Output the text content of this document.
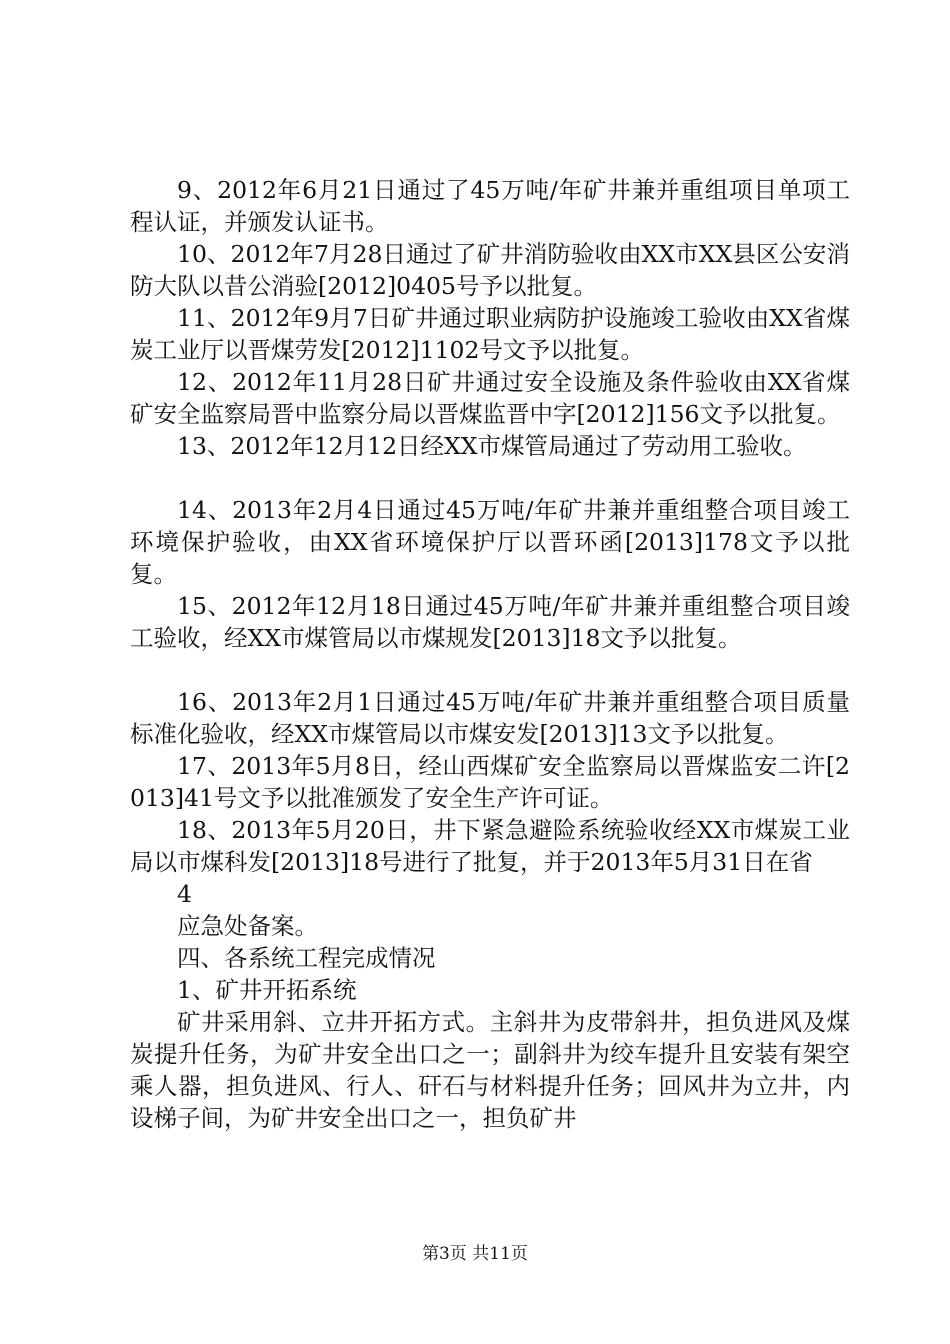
9、2012年6月21日通过了45万吨/年矿井兼并重组项目单项工程认证，并颁发认证书。

10、2012年7月28日通过了矿井消防验收由XX市XX县区公安消防大队以昔公消验[2012]0405号予以批复。

11、2012年9月7日矿井通过职业病防护设施竣工验收由XX省煤炭工业厅以晋煤劳发[2012]1102号文予以批复。

12、2012年11月28日矿井通过安全设施及条件验收由XX省煤矿安全监察局晋中监察分局以晋煤监晋中字[2012]156文予以批复。

13、2012年12月12日经XX市煤管局通过了劳动用工验收。

14、2013年2月4日通过45万吨/年矿井兼并重组整合项目竣工环境保护验收，由XX省环境保护厅以晋环函[2013]178文予以批复。

15、2012年12月18日通过45万吨/年矿井兼并重组整合项目竣工验收，经XX市煤管局以市煤规发[2013]18文予以批复。

16、2013年2月1日通过45万吨/年矿井兼并重组整合项目质量标准化验收，经XX市煤管局以市煤安发[2013]13文予以批复。

17、2013年5月8日，经山西煤矿安全监察局以晋煤监安二许[2013]41号文予以批准颁发了安全生产许可证。

18、2013年5月20日，井下紧急避险系统验收经XX市煤炭工业局以市煤科发[2013]18号进行了批复，并于2013年5月31日在省

4

应急处备案。

四、各系统工程完成情况

1、矿井开拓系统

矿井采用斜、立井开拓方式。主斜井为皮带斜井，担负进风及煤炭提升任务，为矿井安全出口之一；副斜井为绞车提升且安装有架空乘人器，担负进风、行人、矸石与材料提升任务；回风井为立井，内设梯子间，为矿井安全出口之一，担负矿井

第3页 共11页
